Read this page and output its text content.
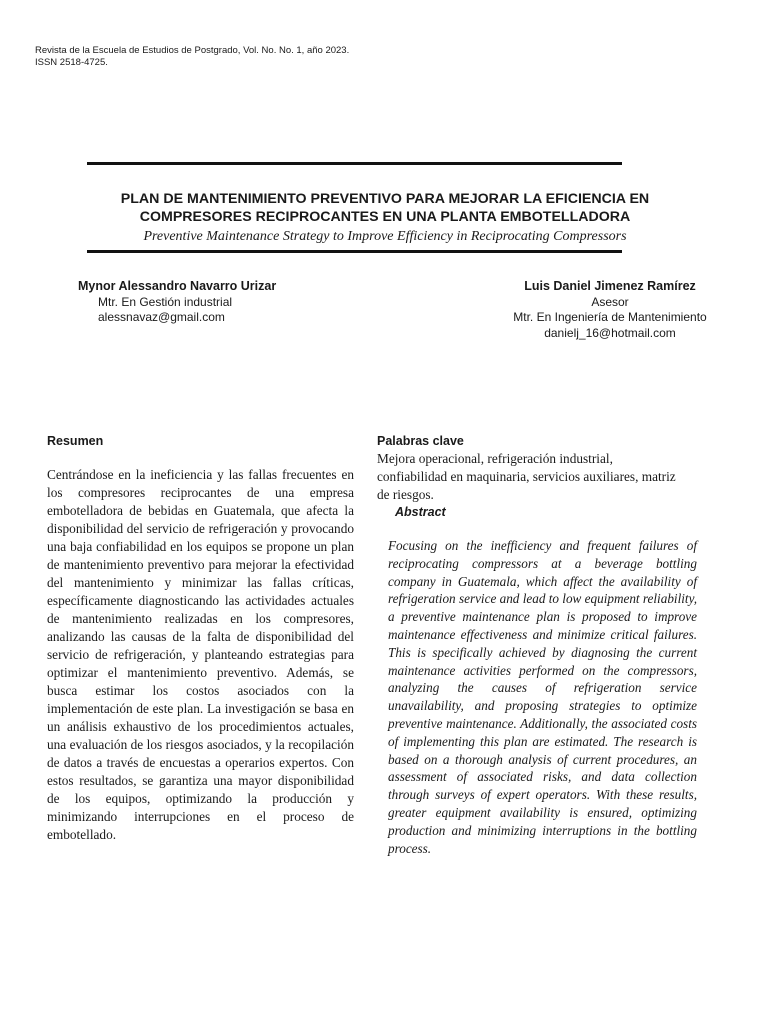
Revista de la Escuela de Estudios de Postgrado, Vol. No. No. 1, año 2023.
ISSN 2518-4725.
PLAN DE MANTENIMIENTO PREVENTIVO PARA MEJORAR LA EFICIENCIA EN
COMPRESORES RECIPROCANTES EN UNA PLANTA EMBOTELLADORA
Preventive Maintenance Strategy to Improve Efficiency in Reciprocating Compressors
Mynor Alessandro Navarro Urizar
Mtr. En Gestión industrial
alessnavaz@gmail.com
Luis Daniel Jimenez Ramírez
Asesor
Mtr. En Ingeniería de Mantenimiento
danielj_16@hotmail.com
Resumen

Centrándose en la ineficiencia y las fallas frecuentes en los compresores reciprocantes de una empresa embotelladora de bebidas en Guatemala, que afecta la disponibilidad del servicio de refrigeración y provocando una baja confiabilidad en los equipos se propone un plan de mantenimiento preventivo para mejorar la efectividad del mantenimiento y minimizar las fallas críticas, específicamente diagnosticando las actividades actuales de mantenimiento realizadas en los compresores, analizando las causas de la falta de disponibilidad del servicio de refrigeración, y planteando estrategias para optimizar el mantenimiento preventivo. Además, se busca estimar los costos asociados con la implementación de este plan. La investigación se basa en un análisis exhaustivo de los procedimientos actuales, una evaluación de los riesgos asociados, y la recopilación de datos a través de encuestas a operarios expertos. Con estos resultados, se garantiza una mayor disponibilidad de los equipos, optimizando la producción y minimizando interrupciones en el proceso de embotellado.

Palabras clave

Mejora operacional, refrigeración industrial, confiabilidad en maquinaria, servicios auxiliares, matriz de riesgos.

Abstract

Focusing on the inefficiency and frequent failures of reciprocating compressors at a beverage bottling company in Guatemala, which affect the availability of refrigeration service and lead to low equipment reliability, a preventive maintenance plan is proposed to improve maintenance effectiveness and minimize critical failures. This is specifically achieved by diagnosing the current maintenance activities performed on the compressors, analyzing the causes of refrigeration service unavailability, and proposing strategies to optimize preventive maintenance. Additionally, the associated costs of implementing this plan are estimated. The research is based on a thorough analysis of current procedures, an assessment of associated risks, and data collection through surveys of expert operators. With these results, greater equipment availability is ensured, optimizing production and minimizing interruptions in the bottling process.
